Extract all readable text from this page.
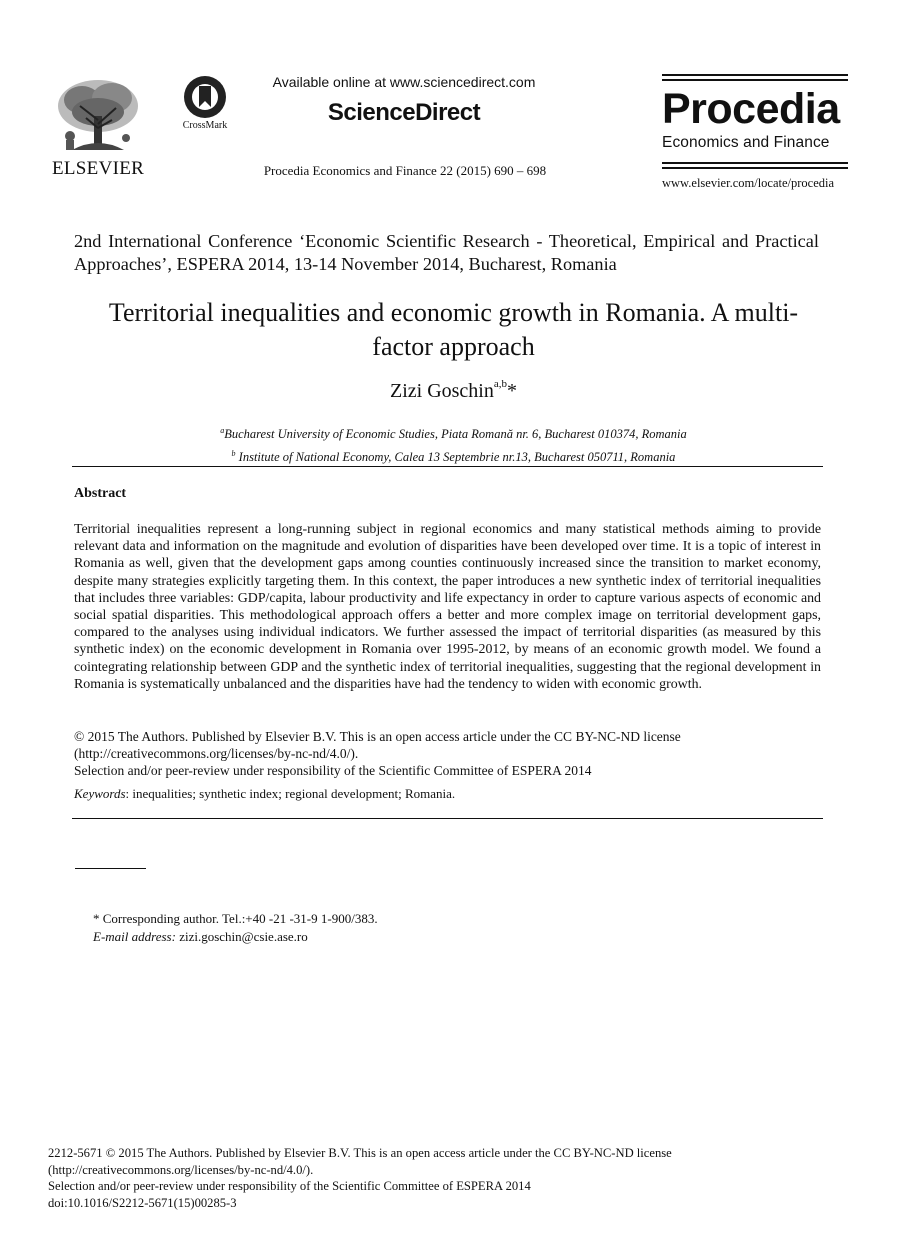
ELSEVIER
CrossMark
Available online at www.sciencedirect.com
ScienceDirect
Procedia Economics and Finance 22 (2015) 690 – 698
Procedia
Economics and Finance
www.elsevier.com/locate/procedia
2nd International Conference ‘Economic Scientific Research - Theoretical, Empirical and Practical Approaches’, ESPERA 2014, 13-14 November 2014, Bucharest, Romania
Territorial inequalities and economic growth in Romania. A multi-factor approach
Zizi Goschin$^{a,b}$*
$^a$Bucharest University of Economic Studies, Piata Romană nr. 6, Bucharest 010374, Romania
$^b$ Institute of National Economy, Calea 13 Septembrie nr.13, Bucharest 050711, Romania
Abstract
Territorial inequalities represent a long-running subject in regional economics and many statistical methods aiming to provide relevant data and information on the magnitude and evolution of disparities have been developed over time. It is a topic of interest in Romania as well, given that the development gaps among counties continuously increased since the transition to market economy, despite many strategies explicitly targeting them. In this context, the paper introduces a new synthetic index of territorial inequalities that includes three variables: GDP/capita, labour productivity and life expectancy in order to capture various aspects of economic and social spatial disparities. This methodological approach offers a better and more complex image on territorial development gaps, compared to the analyses using individual indicators. We further assessed the impact of territorial disparities (as measured by this synthetic index) on the economic development in Romania over 1995-2012, by means of an economic growth model. We found a cointegrating relationship between GDP and the synthetic index of territorial inequalities, suggesting that the regional development in Romania is systematically unbalanced and the disparities have had the tendency to widen with economic growth.
© 2015 The Authors. Published by Elsevier B.V. This is an open access article under the CC BY-NC-ND license
(http://creativecommons.org/licenses/by-nc-nd/4.0/).
Selection and/or peer-review under responsibility of the Scientific Committee of ESPERA 2014
Keywords: inequalities; synthetic index; regional development; Romania.
* Corresponding author. Tel.:+40 -21 -31-9 1-900/383.
E-mail address: zizi.goschin@csie.ase.ro
2212-5671 © 2015 The Authors. Published by Elsevier B.V. This is an open access article under the CC BY-NC-ND license
(http://creativecommons.org/licenses/by-nc-nd/4.0/).
Selection and/or peer-review under responsibility of the Scientific Committee of ESPERA 2014
doi:10.1016/S2212-5671(15)00285-3
